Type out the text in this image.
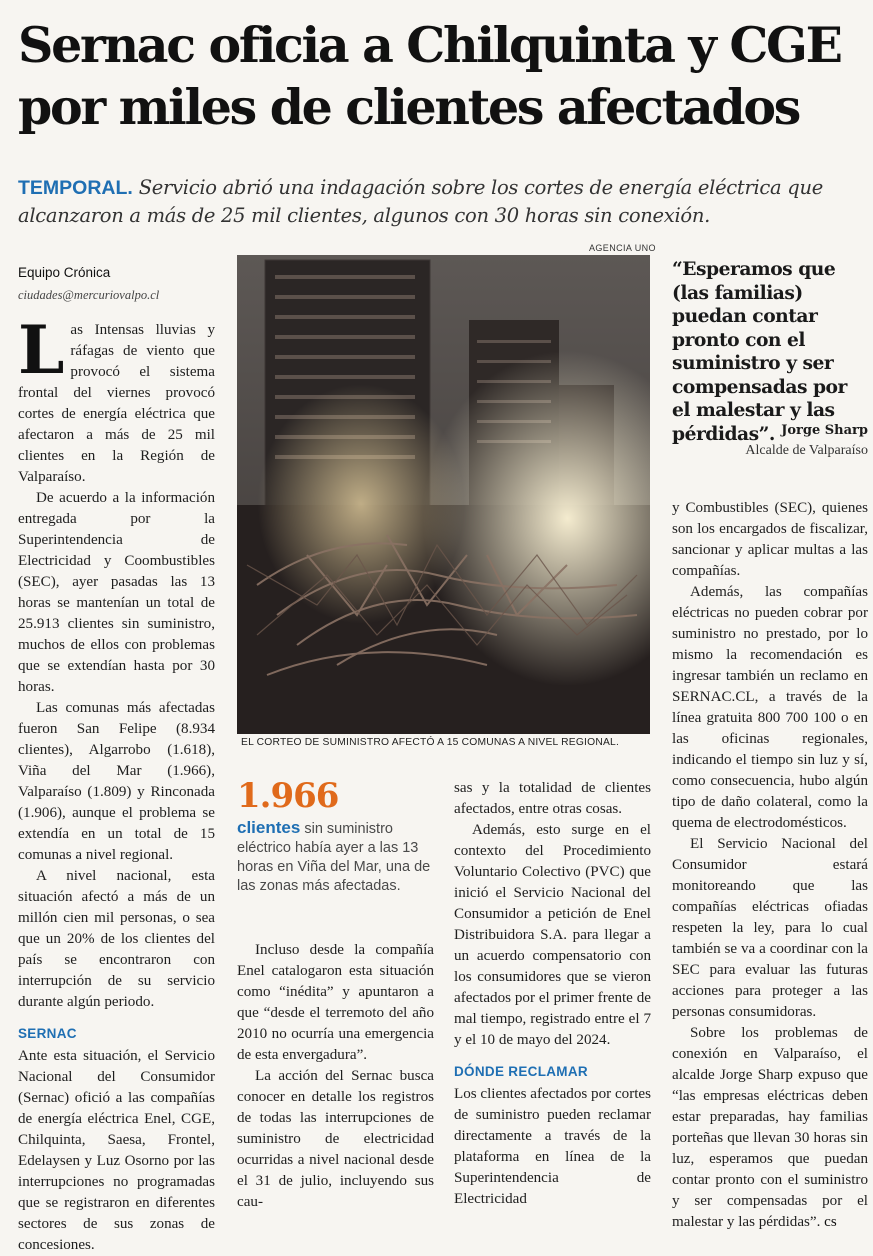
Sernac oficia a Chilquinta y CGE
por miles de clientes afectados
TEMPORAL. Servicio abrió una indagación sobre los cortes de energía eléctrica que alcanzaron a más de 25 mil clientes, algunos con 30 horas sin conexión.

Equipo Crónica

ciudades@mercuriovalpo.cl

Las Intensas lluvias y ráfagas de viento que provocó el sistema frontal del viernes provocó cortes de energía eléctrica que afectaron a más de 25 mil clientes en la Región de Valparaíso.

De acuerdo a la información entregada por la Superintendencia de Electricidad y Coombustibles (SEC), ayer pasadas las 13 horas se mantenían un total de 25.913 clientes sin suministro, muchos de ellos con problemas que se extendían hasta por 30 horas.

Las comunas más afectadas fueron San Felipe (8.934 clientes), Algarrobo (1.618), Viña del Mar (1.966), Valparaíso (1.809) y Rinconada (1.906), aunque el problema se extendía en un total de 15 comunas a nivel regional.

A nivel nacional, esta situación afectó a más de un millón cien mil personas, o sea que un 20% de los clientes del país se encontraron con interrupción de su servicio durante algún periodo.

SERNAC

Ante esta situación, el Servicio Nacional del Consumidor (Sernac) ofició a las compañías de energía eléctrica Enel, CGE, Chilquinta, Saesa, Frontel, Edelaysen y Luz Osorno por las interrupciones no programadas que se registraron en diferentes sectores de sus zonas de concesiones.

AGENCIA UNO
EL CORTEO DE SUMINISTRO AFECTÓ A 15 COMUNAS A NIVEL REGIONAL.
1.966
clientes sin suministro eléctrico había ayer a las 13 horas en Viña del Mar, una de las zonas más afectadas.

Incluso desde la compañía Enel catalogaron esta situación como “inédita” y apuntaron a que “desde el terremoto del año 2010 no ocurría una emergencia de esta envergadura”.

La acción del Sernac busca conocer en detalle los registros de todas las interrupciones de suministro de electricidad ocurridas a nivel nacional desde el 31 de julio, incluyendo sus cau-

sas y la totalidad de clientes afectados, entre otras cosas.

Además, esto surge en el contexto del Procedimiento Voluntario Colectivo (PVC) que inició el Servicio Nacional del Consumidor a petición de Enel Distribuidora S.A. para llegar a un acuerdo compensatorio con los consumidores que se vieron afectados por el primer frente de mal tiempo, registrado entre el 7 y el 10 de mayo del 2024.

DÓNDE RECLAMAR

Los clientes afectados por cortes de suministro pueden reclamar directamente a través de la plataforma en línea de la Superintendencia de Electricidad

“Esperamos que (las familias) puedan contar pronto con el suministro y ser compensadas por el malestar y las pérdidas”. Jorge Sharp
Alcalde de Valparaíso

y Combustibles (SEC), quienes son los encargados de fiscalizar, sancionar y aplicar multas a las compañías.

Además, las compañías eléctricas no pueden cobrar por suministro no prestado, por lo mismo la recomendación es ingresar también un reclamo en SERNAC.CL, a través de la línea gratuita 800 700 100 o en las oficinas regionales, indicando el tiempo sin luz y sí, como consecuencia, hubo algún tipo de daño colateral, como la quema de electrodomésticos.

El Servicio Nacional del Consumidor estará monitoreando que las compañías eléctricas ofiadas respeten la ley, para lo cual también se va a coordinar con la SEC para evaluar las futuras acciones para proteger a las personas consumidoras.

Sobre los problemas de conexión en Valparaíso, el alcalde Jorge Sharp expuso que “las empresas eléctricas deben estar preparadas, hay familias porteñas que llevan 30 horas sin luz, esperamos que puedan contar pronto con el suministro y ser compensadas por el malestar y las pérdidas”. cs
